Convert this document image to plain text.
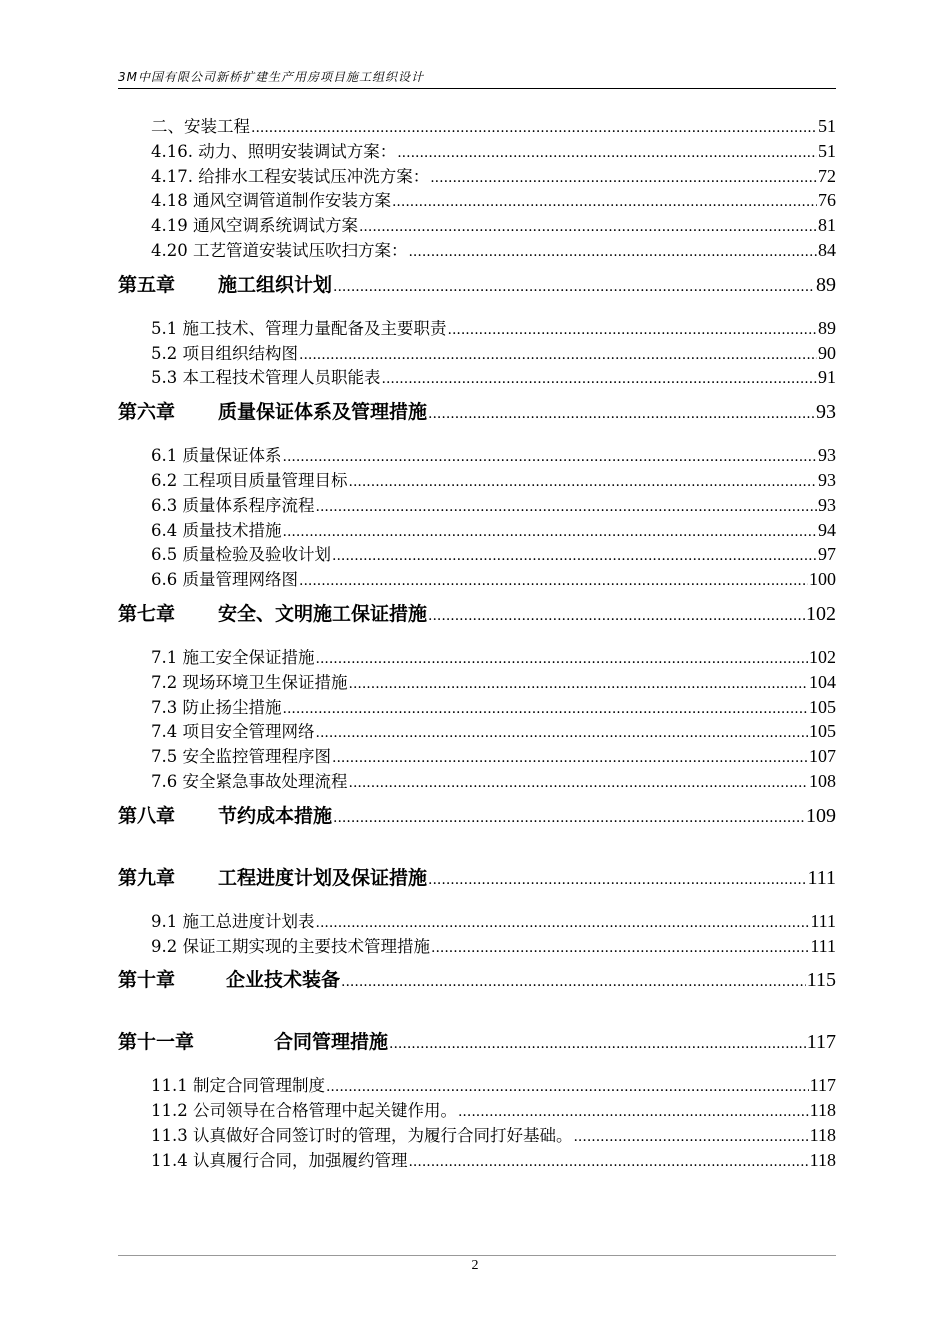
3M中国有限公司新桥扩建生产用房项目施工组织设计
二、安装工程 .....	51
4.16. 动力、照明安装调试方案： .....	51
4.17. 给排水工程安装试压冲洗方案： .....	72
4.18 通风空调管道制作安装方案 .....	76
4.19 通风空调系统调试方案 .....	81
4.20 工艺管道安装试压吹扫方案： .....	84
第五章 施工组织计划 .....	89
5.1 施工技术、管理力量配备及主要职责 .....	89
5.2 项目组织结构图 .....	90
5.3 本工程技术管理人员职能表 .....	91
第六章 质量保证体系及管理措施 .....	93
6.1 质量保证体系 .....	93
6.2 工程项目质量管理目标 .....	93
6.3 质量体系程序流程 .....	93
6.4 质量技术措施 .....	94
6.5 质量检验及验收计划 .....	97
6.6 质量管理网络图 .....	100
第七章 安全、文明施工保证措施 .....	102
7.1 施工安全保证措施 .....	102
7.2 现场环境卫生保证措施 .....	104
7.3 防止扬尘措施 .....	105
7.4 项目安全管理网络 .....	105
7.5 安全监控管理程序图 .....	107
7.6 安全紧急事故处理流程 .....	108
第八章 节约成本措施 .....	109
第九章 工程进度计划及保证措施 .....	111
9.1 施工总进度计划表 .....	111
9.2 保证工期实现的主要技术管理措施 .....	111
第十章	企业技术装备 .....	115
第十一章	合同管理措施 .....	117
11.1 制定合同管理制度 .....	117
11.2 公司领导在合格管理中起关键作用。 .....	118
11.3 认真做好合同签订时的管理，为履行合同打好基础。 .....	118
11.4 认真履行合同，加强履约管理 .....	118
2
